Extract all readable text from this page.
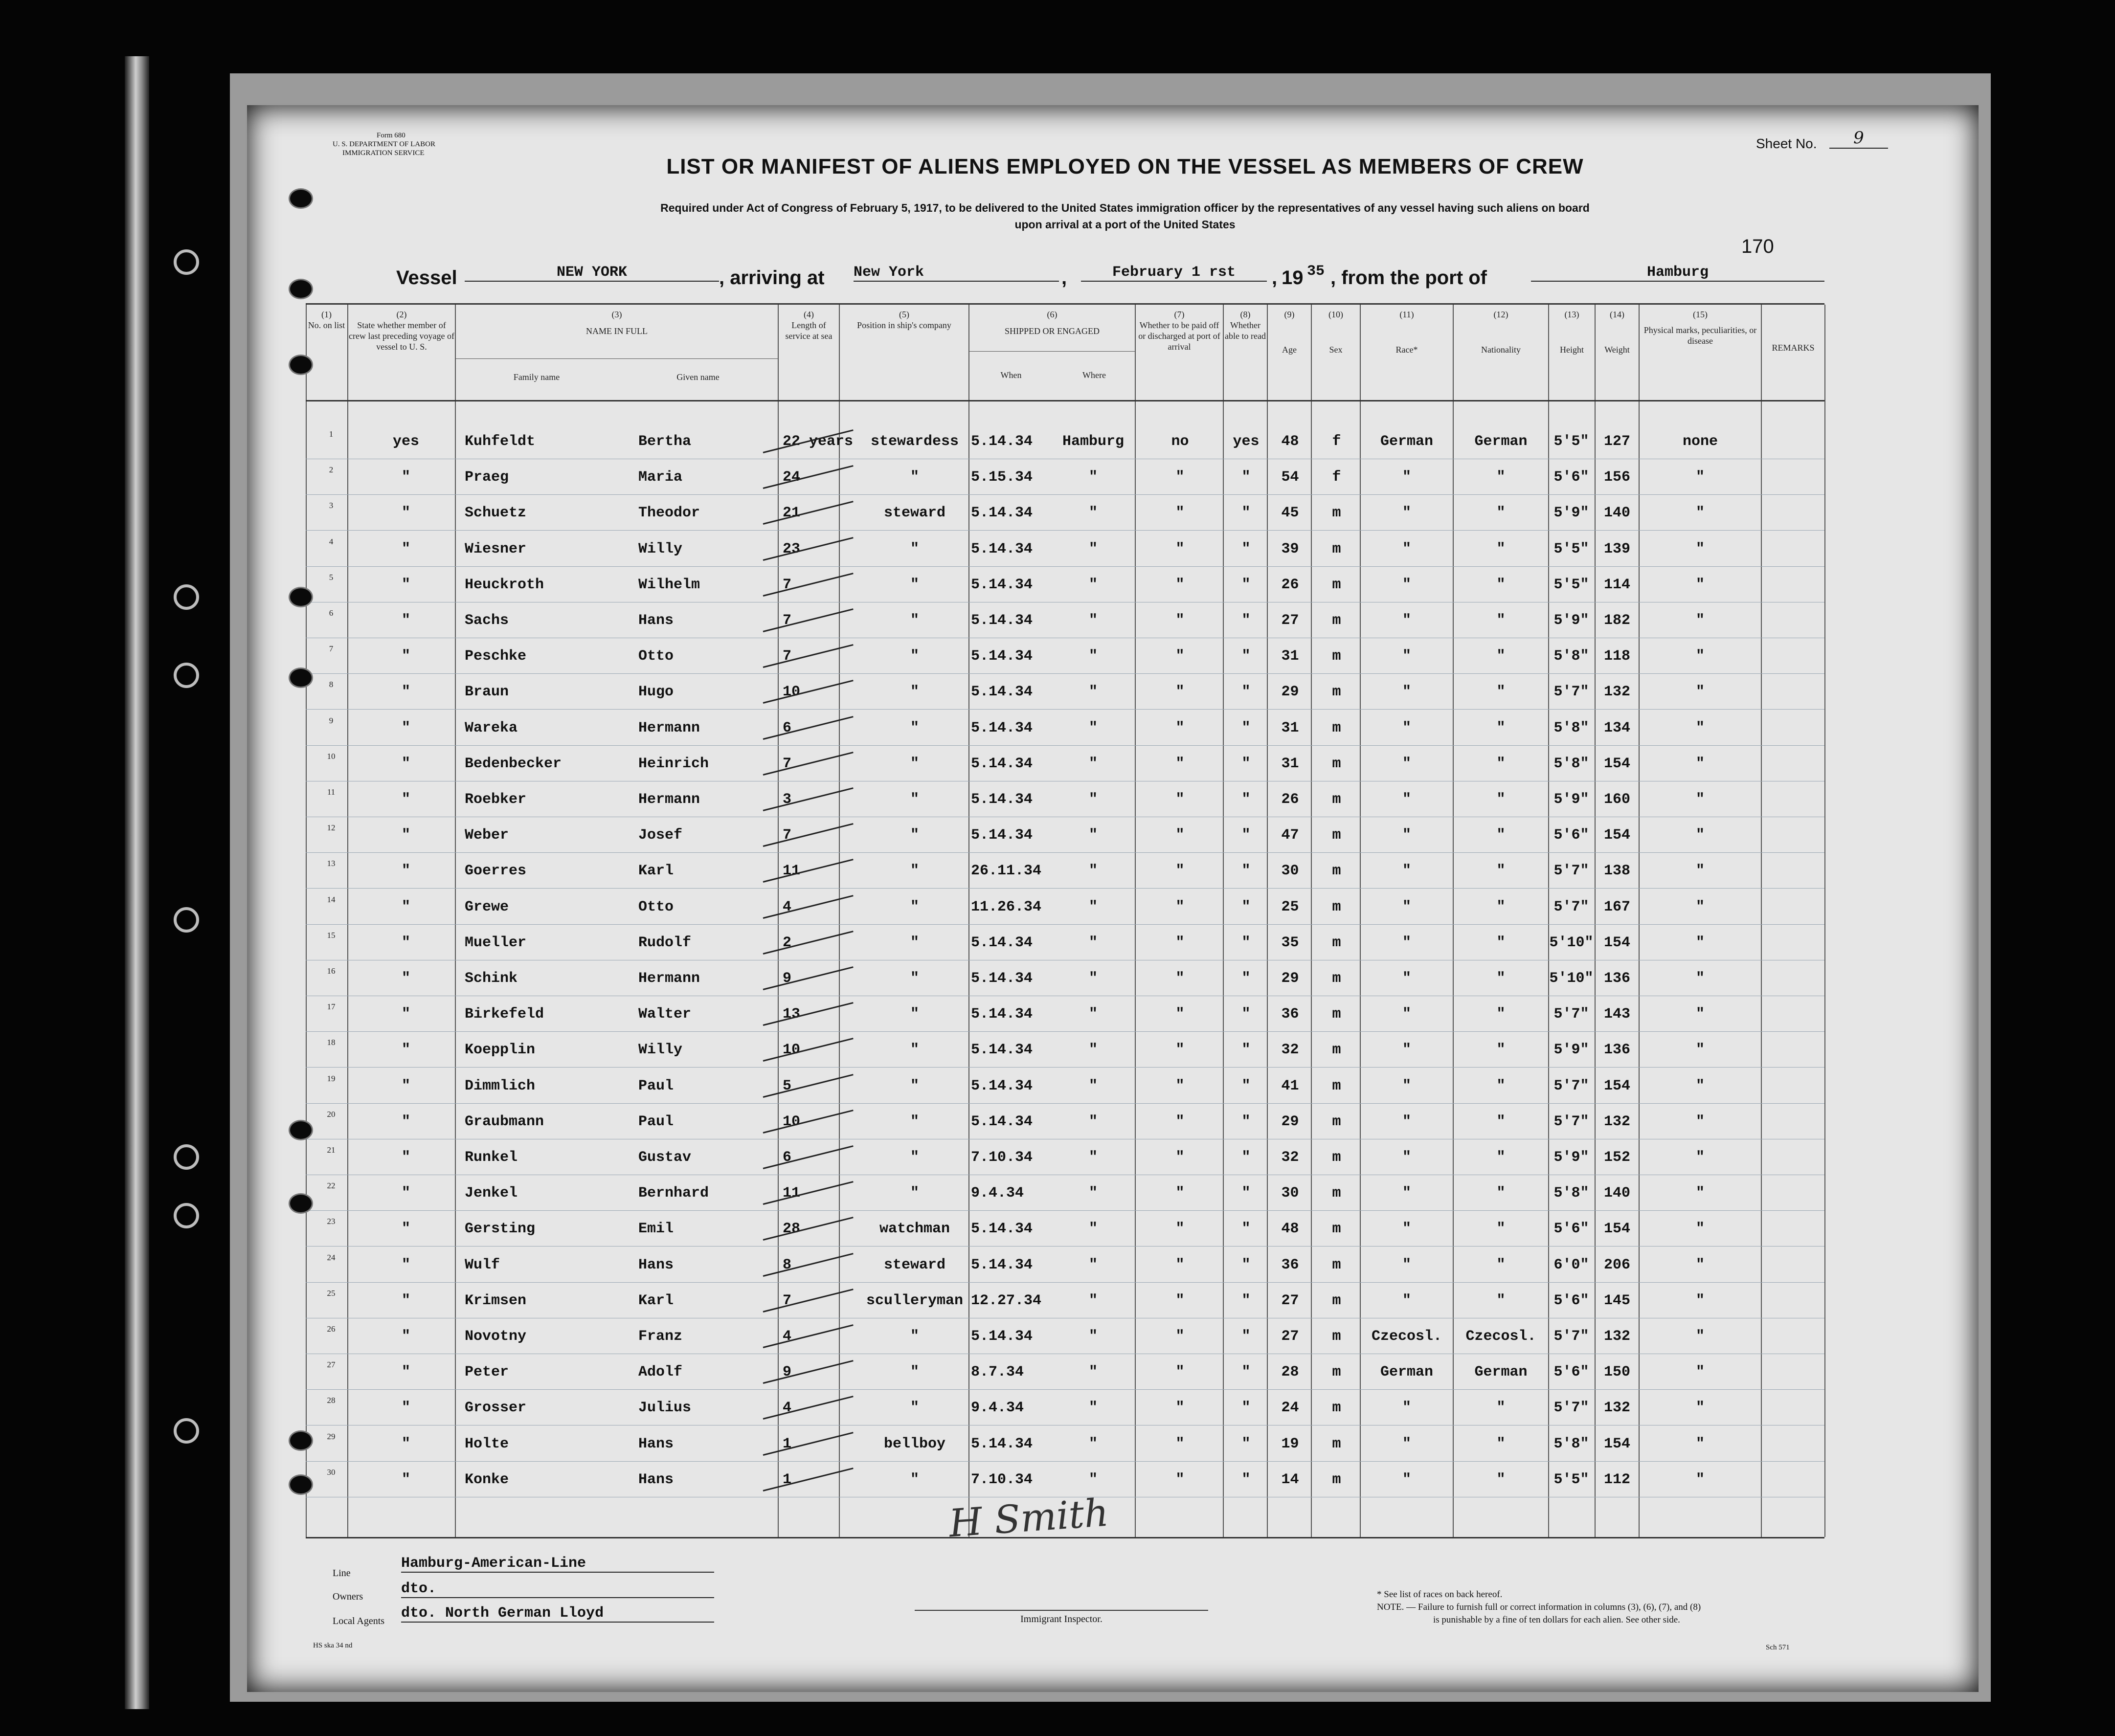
Form 680
U. S. DEPARTMENT OF LABOR
IMMIGRATION SERVICE
Sheet No.	9
170
LIST OR MANIFEST OF ALIENS EMPLOYED ON THE VESSEL AS MEMBERS OF CREW
Required under Act of Congress of February 5, 1917, to be delivered to the United States immigration officer by the representatives of any vessel having such aliens on board
upon arrival at a port of the United States
Vessel	NEW YORK	, arriving at New York	,	February 1 rst	, 19 35 , from the port of	Hamburg
(1)
No. on list
(2)
State whether member of crew last preceding voyage of vessel to U. S.
(3)
NAME IN FULL
Family name	Given name
(4)
Length of service at sea
(5)
Position in ship's company
(6)
SHIPPED OR ENGAGED
When	Where
(7)
Whether to be paid off or discharged at port of arrival
(8)
Whether able to read
(9)
Age
(10)
Sex
(11)
Race*
(12)
Nationality
(13)
Height
(14)
Weight
(15)
Physical marks, peculiarities, or disease
REMARKS
1	yes	Kuhfeldt	Bertha	22 years	stewardess 5.14.34	Hamburg	no	yes	48	f	German	German	5'5"	127	none
2	"	Praeg	Maria	24	"	5.15.34	"	"	"	54	f	"	"	5'6"	156	"
3	"	Schuetz	Theodor	21	steward	5.14.34	"	"	"	45	m	"	"	5'9"	140	"
4	"	Wiesner	Willy	23	"	5.14.34	"	"	"	39	m	"	"	5'5"	139	"
5	"	Heuckroth	Wilhelm	7	"	5.14.34	"	"	"	26	m	"	"	5'5"	114	"
6	"	Sachs	Hans	7	"	5.14.34	"	"	"	27	m	"	"	5'9"	182	"
7	"	Peschke	Otto	7	"	5.14.34	"	"	"	31	m	"	"	5'8"	118	"
8	"	Braun	Hugo	10	"	5.14.34	"	"	"	29	m	"	"	5'7"	132	"
9	"	Wareka	Hermann	6	"	5.14.34	"	"	"	31	m	"	"	5'8"	134	"
10	"	Bedenbecker	Heinrich	7	"	5.14.34	"	"	"	31	m	"	"	5'8"	154	"
11	"	Roebker	Hermann	3	"	5.14.34	"	"	"	26	m	"	"	5'9"	160	"
12	"	Weber	Josef	7	"	5.14.34	"	"	"	47	m	"	"	5'6"	154	"
13	"	Goerres	Karl	11	"	26.11.34	"	"	"	30	m	"	"	5'7"	138	"
14	"	Grewe	Otto	4	"	11.26.34	"	"	"	25	m	"	"	5'7"	167	"
15	"	Mueller	Rudolf	2	"	5.14.34	"	"	"	35	m	"	"	5'10" 154	"
16	"	Schink	Hermann	9	"	5.14.34	"	"	"	29	m	"	"	5'10" 136	"
17	"	Birkefeld	Walter	13	"	5.14.34	"	"	"	36	m	"	"	5'7"	143	"
18	"	Koepplin	Willy	10	"	5.14.34	"	"	"	32	m	"	"	5'9"	136	"
19	"	Dimmlich	Paul	5	"	5.14.34	"	"	"	41	m	"	"	5'7"	154	"
20	"	Graubmann	Paul	10	"	5.14.34	"	"	"	29	m	"	"	5'7"	132	"
21	"	Runkel	Gustav	6	"	7.10.34	"	"	"	32	m	"	"	5'9"	152	"
22	"	Jenkel	Bernhard	11	"	9.4.34	"	"	"	30	m	"	"	5'8"	140	"
23	"	Gersting	Emil	28	watchman	5.14.34	"	"	"	48	m	"	"	5'6"	154	"
24	"	Wulf	Hans	8	steward	5.14.34	"	"	"	36	m	"	"	6'0"	206	"
25	"	Krimsen	Karl	7	sculleryman 12.27.34	"	"	"	27	m	"	"	5'6"	145	"
26	"	Novotny	Franz	4	"	5.14.34	"	"	"	27	m	Czecosl.	Czecosl.	5'7"	132	"
27	"	Peter	Adolf	9	"	8.7.34	"	"	"	28	m	German	German	5'6"	150	"
28	"	Grosser	Julius	4	"	9.4.34	"	"	"	24	m	"	"	5'7"	132	"
29	"	Holte	Hans	1	bellboy	5.14.34	"	"	"	19	m	"	"	5'8"	154	"
30	"	Konke	Hans	1	"	7.10.34	"	"	"	14	m	"	"	5'5"	112	"
H Smith
Line
Hamburg-American-Line
Owners	dto.
Local Agents dto. North German Lloyd	Immigrant Inspector.
* See list of races on back hereof.
NOTE. — Failure to furnish full or correct information in columns (3), (6), (7), and (8)
is punishable by a fine of ten dollars for each alien. See other side.
HS ska 34 nd	Sch 571
